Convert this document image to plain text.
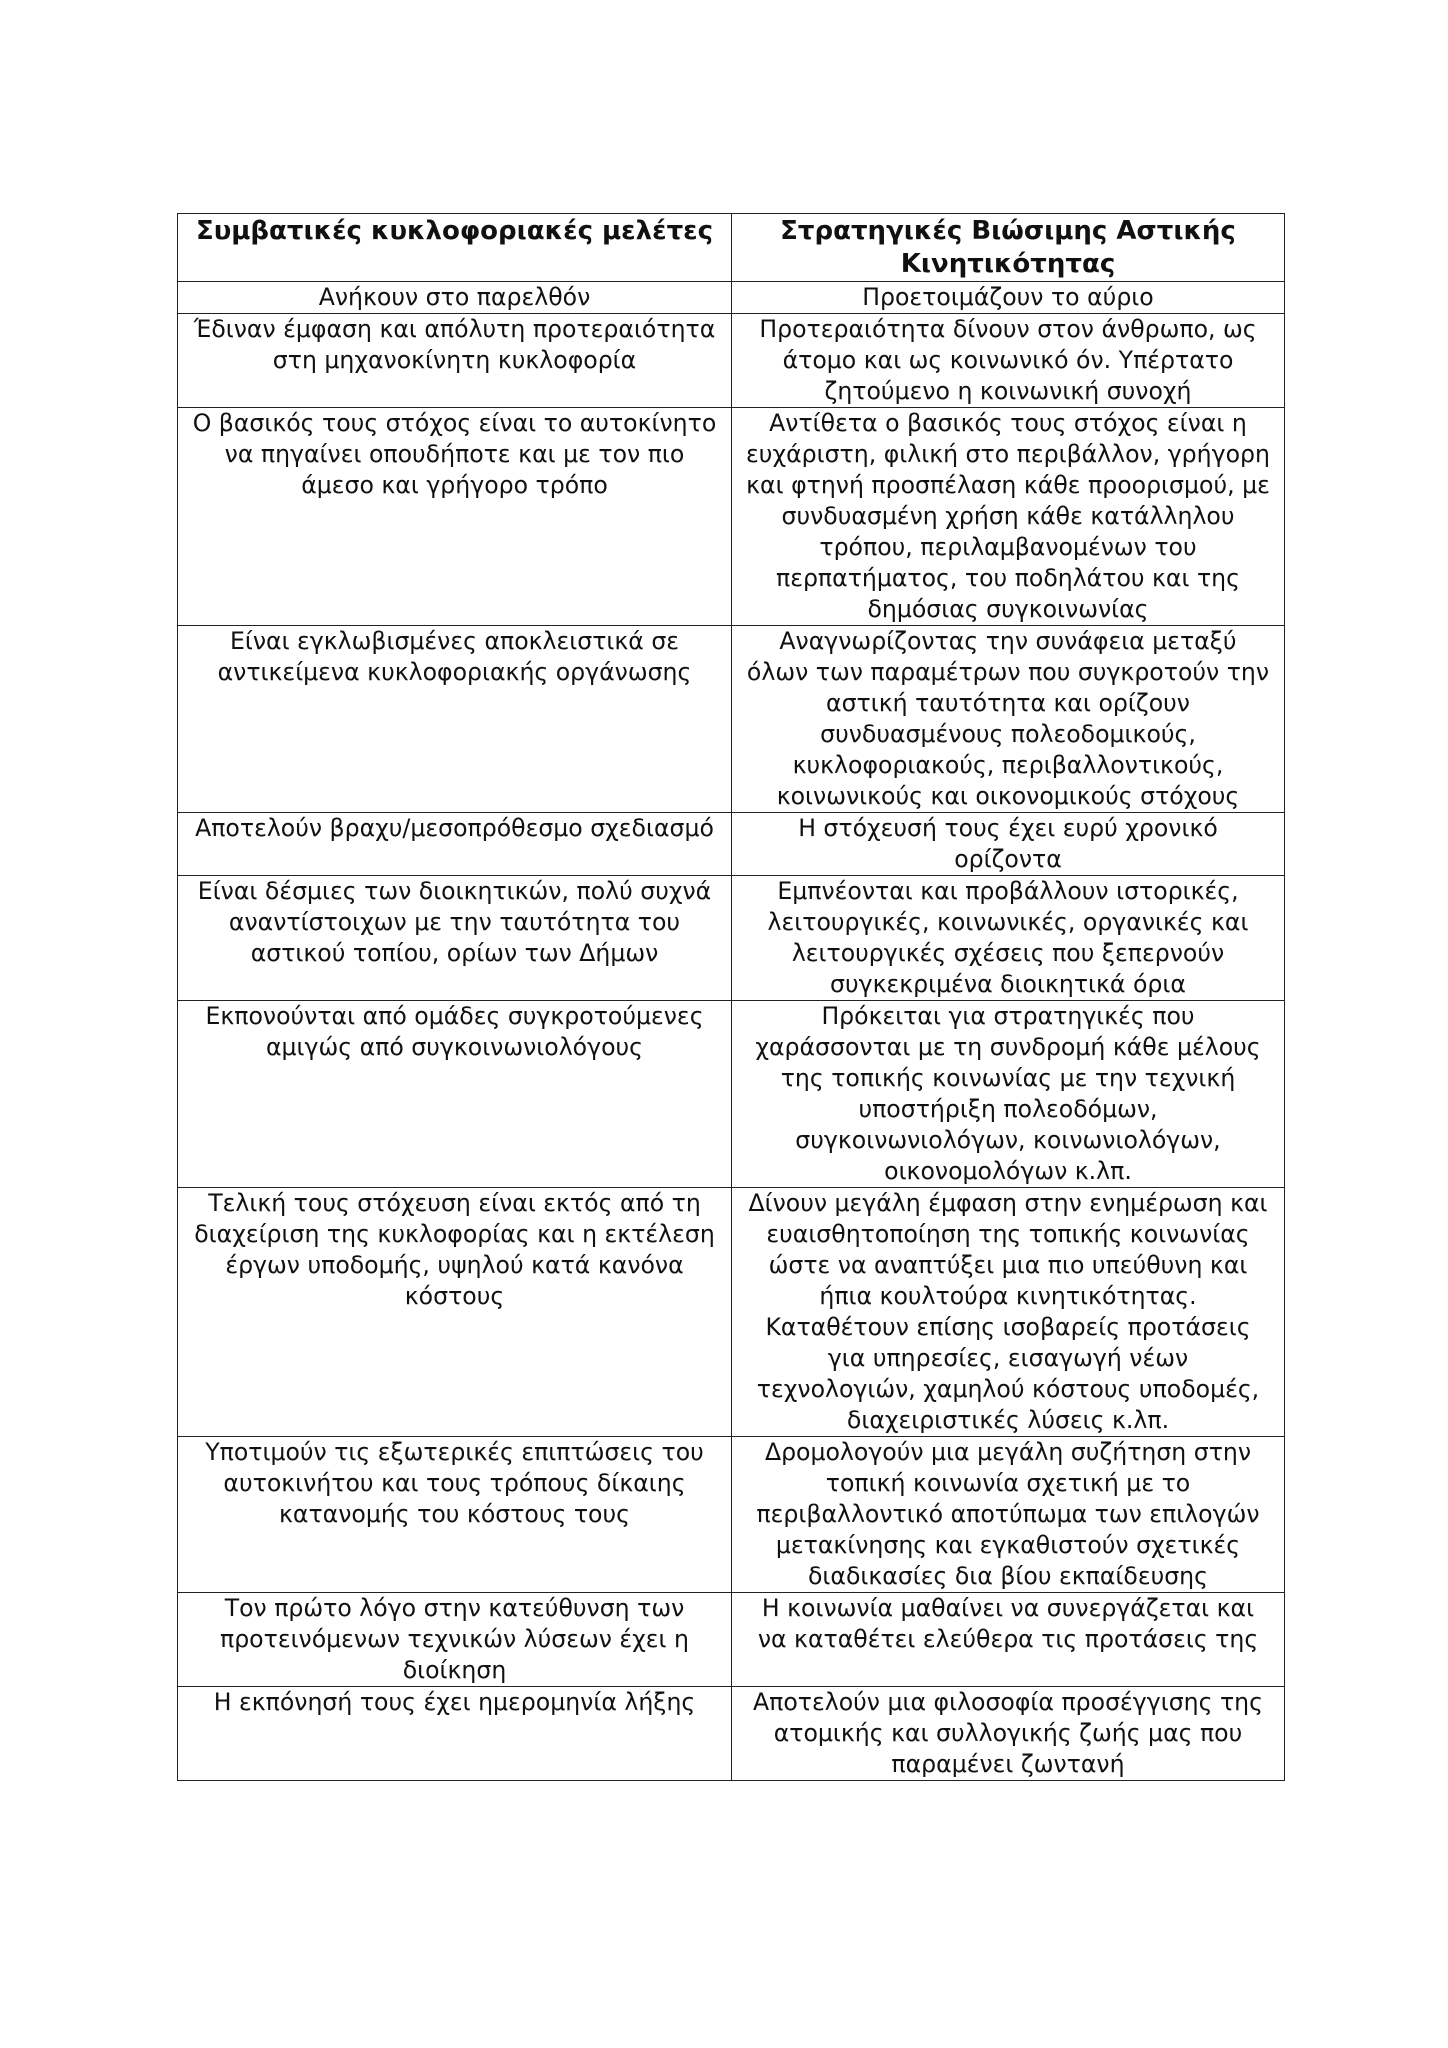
Συμβατικές κυκλοφοριακές μελέτες	Στρατηγικές Βιώσιμης Αστικής Κινητικότητας
Ανήκουν στο παρελθόν	Προετοιμάζουν το αύριο
Έδιναν έμφαση και απόλυτη προτεραιότητα στη μηχανοκίνητη κυκλοφορία	Προτεραιότητα δίνουν στον άνθρωπο, ως άτομο και ως κοινωνικό όν. Υπέρτατο ζητούμενο η κοινωνική συνοχή
Ο βασικός τους στόχος είναι το αυτοκίνητο να πηγαίνει οπουδήποτε και με τον πιο άμεσο και γρήγορο τρόπο	Αντίθετα ο βασικός τους στόχος είναι η ευχάριστη, φιλική στο περιβάλλον, γρήγορη και φτηνή προσπέλαση κάθε προορισμού, με συνδυασμένη χρήση κάθε κατάλληλου τρόπου, περιλαμβανομένων του περπατήματος, του ποδηλάτου και της δημόσιας συγκοινωνίας
Είναι εγκλωβισμένες αποκλειστικά σε αντικείμενα κυκλοφοριακής οργάνωσης	Αναγνωρίζοντας την συνάφεια μεταξύ όλων των παραμέτρων που συγκροτούν την αστική ταυτότητα και ορίζουν συνδυασμένους πολεοδομικούς, κυκλοφοριακούς, περιβαλλοντικούς, κοινωνικούς και οικονομικούς στόχους
Αποτελούν βραχυ/μεσοπρόθεσμο σχεδιασμό	Η στόχευσή τους έχει ευρύ χρονικό ορίζοντα
Είναι δέσμιες των διοικητικών, πολύ συχνά αναντίστοιχων με την ταυτότητα του αστικού τοπίου, ορίων των Δήμων	Εμπνέονται και προβάλλουν ιστορικές, λειτουργικές, κοινωνικές, οργανικές και λειτουργικές σχέσεις που ξεπερνούν συγκεκριμένα διοικητικά όρια
Εκπονούνται από ομάδες συγκροτούμενες αμιγώς από συγκοινωνιολόγους	Πρόκειται για στρατηγικές που χαράσσονται με τη συνδρομή κάθε μέλους της τοπικής κοινωνίας με την τεχνική υποστήριξη πολεοδόμων, συγκοινωνιολόγων, κοινωνιολόγων, οικονομολόγων κ.λπ.
Τελική τους στόχευση είναι εκτός από τη διαχείριση της κυκλοφορίας και η εκτέλεση έργων υποδομής, υψηλού κατά κανόνα κόστους	Δίνουν μεγάλη έμφαση στην ενημέρωση και ευαισθητοποίηση της τοπικής κοινωνίας ώστε να αναπτύξει μια πιο υπεύθυνη και ήπια κουλτούρα κινητικότητας. Καταθέτουν επίσης ισοβαρείς προτάσεις για υπηρεσίες, εισαγωγή νέων τεχνολογιών, χαμηλού κόστους υποδομές, διαχειριστικές λύσεις κ.λπ.
Υποτιμούν τις εξωτερικές επιπτώσεις του αυτοκινήτου και τους τρόπους δίκαιης κατανομής του κόστους τους	Δρομολογούν μια μεγάλη συζήτηση στην τοπική κοινωνία σχετική με το περιβαλλοντικό αποτύπωμα των επιλογών μετακίνησης και εγκαθιστούν σχετικές διαδικασίες δια βίου εκπαίδευσης
Τον πρώτο λόγο στην κατεύθυνση των προτεινόμενων τεχνικών λύσεων έχει η διοίκηση	Η κοινωνία μαθαίνει να συνεργάζεται και να καταθέτει ελεύθερα τις προτάσεις της
Η εκπόνησή τους έχει ημερομηνία λήξης	Αποτελούν μια φιλοσοφία προσέγγισης της ατομικής και συλλογικής ζωής μας που παραμένει ζωντανή
